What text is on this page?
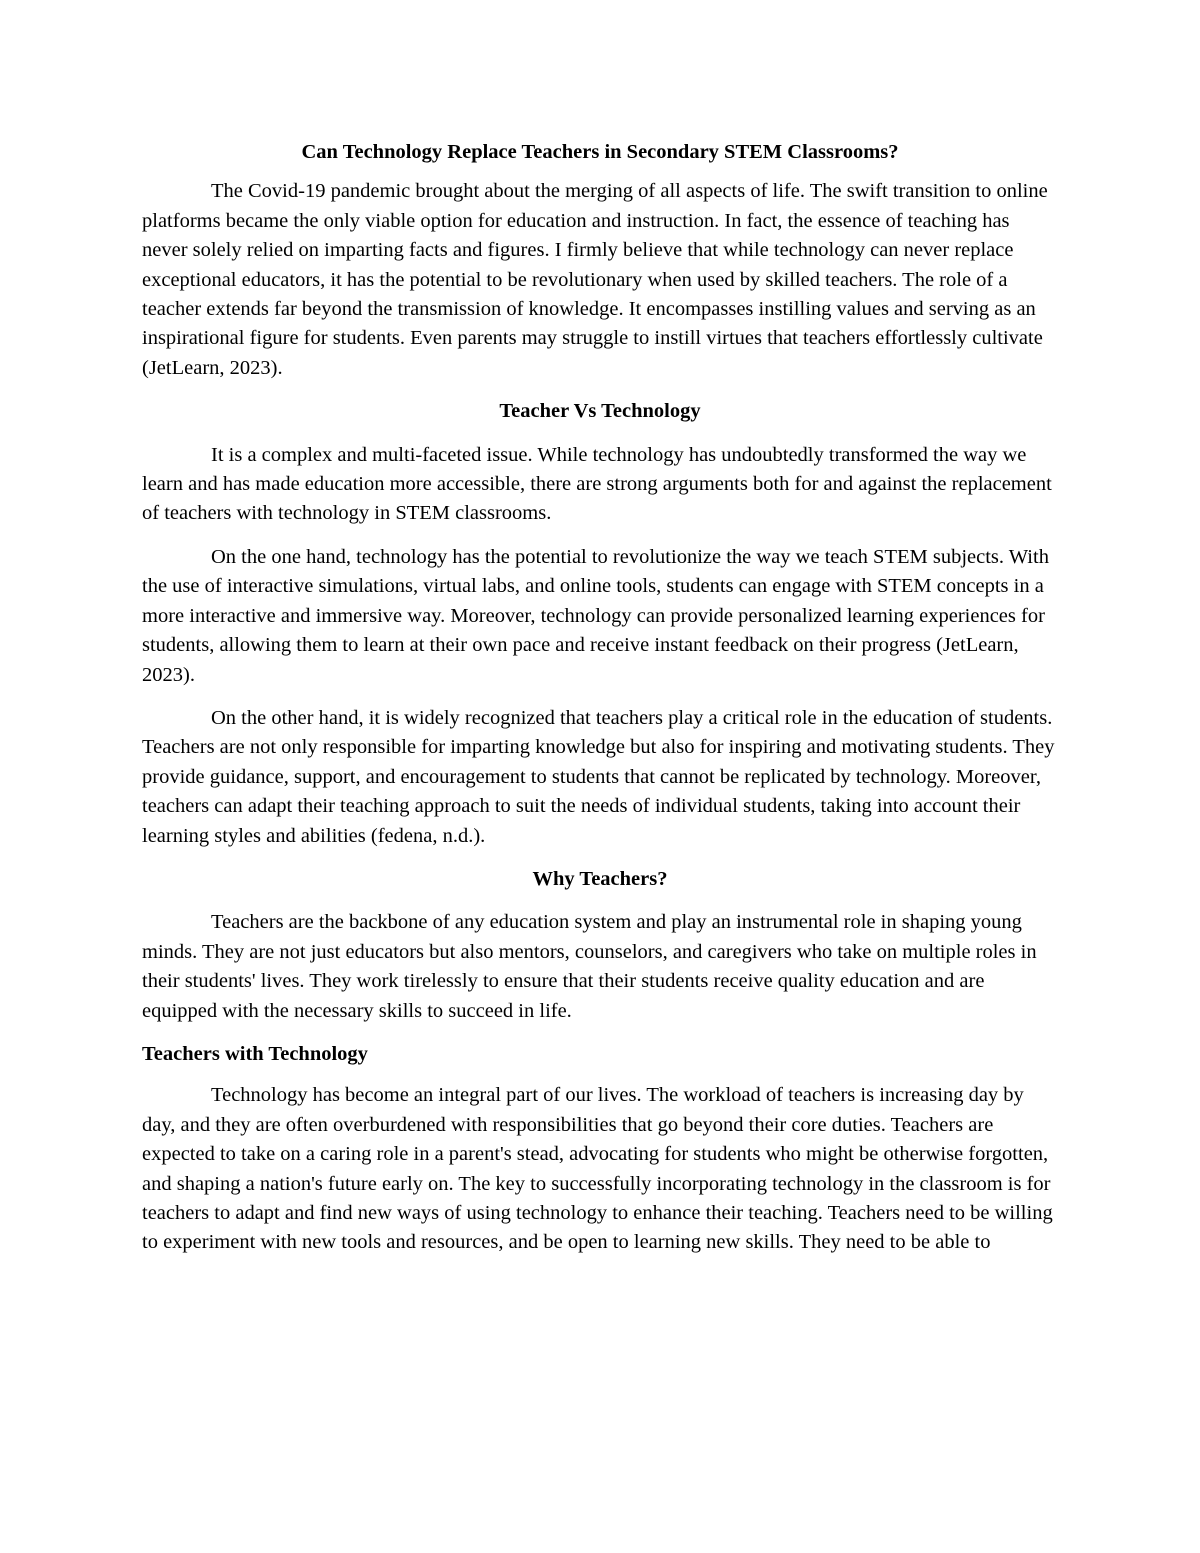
Can Technology Replace Teachers in Secondary STEM Classrooms?

The Covid-19 pandemic brought about the merging of all aspects of life. The swift transition to online platforms became the only viable option for education and instruction. In fact, the essence of teaching has never solely relied on imparting facts and figures. I firmly believe that while technology can never replace exceptional educators, it has the potential to be revolutionary when used by skilled teachers. The role of a teacher extends far beyond the transmission of knowledge. It encompasses instilling values and serving as an inspirational figure for students. Even parents may struggle to instill virtues that teachers effortlessly cultivate (JetLearn, 2023).

Teacher Vs Technology

It is a complex and multi-faceted issue. While technology has undoubtedly transformed the way we learn and has made education more accessible, there are strong arguments both for and against the replacement of teachers with technology in STEM classrooms.

On the one hand, technology has the potential to revolutionize the way we teach STEM subjects. With the use of interactive simulations, virtual labs, and online tools, students can engage with STEM concepts in a more interactive and immersive way. Moreover, technology can provide personalized learning experiences for students, allowing them to learn at their own pace and receive instant feedback on their progress (JetLearn, 2023).

On the other hand, it is widely recognized that teachers play a critical role in the education of students. Teachers are not only responsible for imparting knowledge but also for inspiring and motivating students. They provide guidance, support, and encouragement to students that cannot be replicated by technology. Moreover, teachers can adapt their teaching approach to suit the needs of individual students, taking into account their learning styles and abilities (fedena, n.d.).

Why Teachers?

Teachers are the backbone of any education system and play an instrumental role in shaping young minds. They are not just educators but also mentors, counselors, and caregivers who take on multiple roles in their students' lives. They work tirelessly to ensure that their students receive quality education and are equipped with the necessary skills to succeed in life.

Teachers with Technology

Technology has become an integral part of our lives. The workload of teachers is increasing day by day, and they are often overburdened with responsibilities that go beyond their core duties. Teachers are expected to take on a caring role in a parent's stead, advocating for students who might be otherwise forgotten, and shaping a nation's future early on. The key to successfully incorporating technology in the classroom is for teachers to adapt and find new ways of using technology to enhance their teaching. Teachers need to be willing to experiment with new tools and resources, and be open to learning new skills. They need to be able to
